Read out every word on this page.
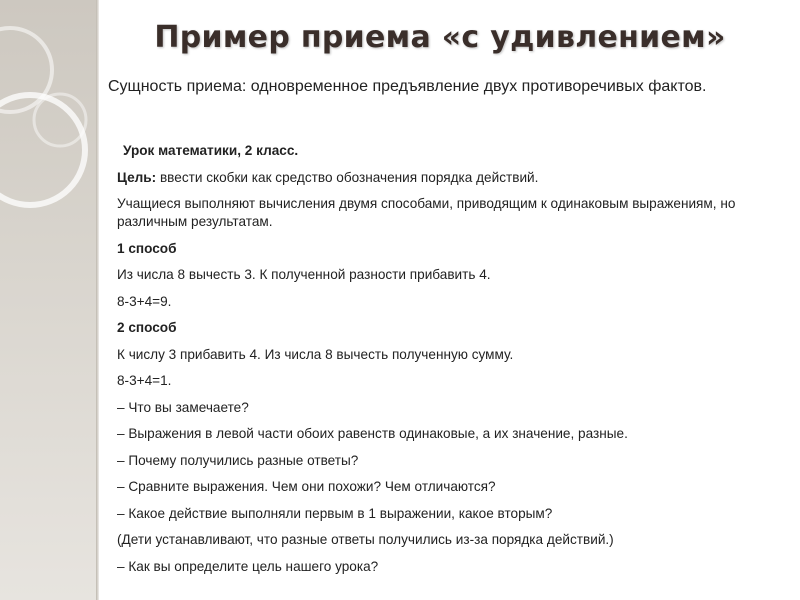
Пример приема «с удивлением»
Сущность приема: одновременное предъявление двух противоречивых фактов.
Урок математики, 2 класс.
Цель: ввести скобки как средство обозначения порядка действий.
Учащиеся выполняют вычисления двумя способами, приводящим к одинаковым выражениям, но различным результатам.
1 способ
Из числа 8 вычесть 3. К полученной разности прибавить 4.
8-3+4=9.
2 способ
К числу 3 прибавить 4. Из числа 8 вычесть полученную сумму.
8-3+4=1.
– Что вы замечаете?
– Выражения в левой части обоих равенств одинаковые, а их значение, разные.
– Почему получились разные ответы?
– Сравните выражения. Чем они похожи? Чем отличаются?
– Какое действие выполняли первым в 1 выражении, какое вторым?
(Дети устанавливают, что разные ответы получились из-за порядка действий.)
– Как вы определите цель нашего урока?
